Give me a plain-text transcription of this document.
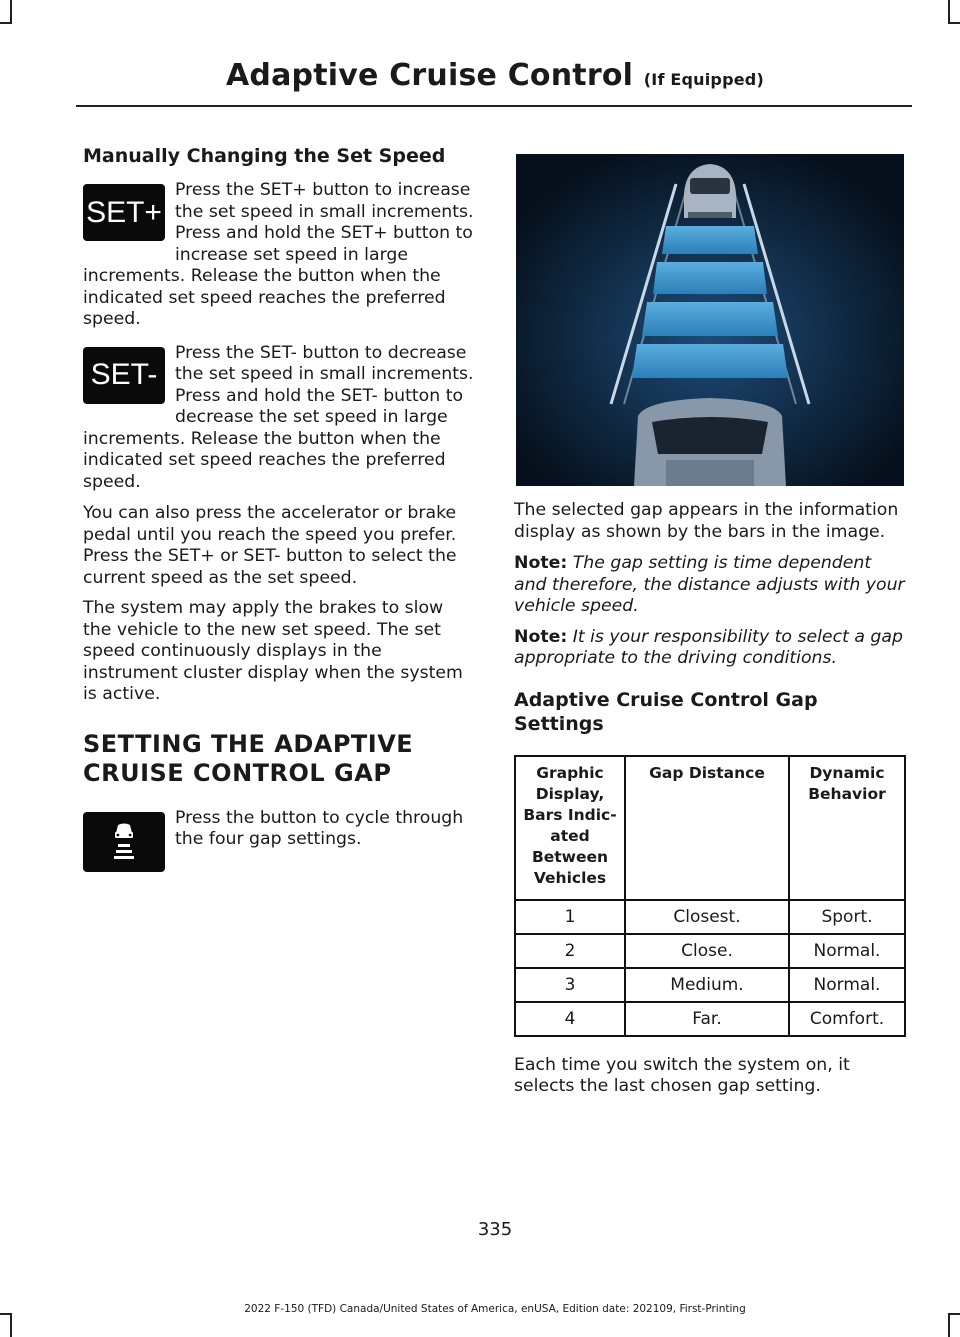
Adaptive Cruise Control (If Equipped)
Manually Changing the Set Speed
SET+

Press the SET+ button to increase the set speed in small increments. Press and hold the SET+ button to increase set speed in large increments. Release the button when the indicated set speed reaches the preferred speed.

SET-

Press the SET- button to decrease the set speed in small increments. Press and hold the SET- button to decrease the set speed in large increments. Release the button when the indicated set speed reaches the preferred speed.

You can also press the accelerator or brake pedal until you reach the speed you prefer. Press the SET+ or SET- button to select the current speed as the set speed.

The system may apply the brakes to slow the vehicle to the new set speed. The set speed continuously displays in the instrument cluster display when the system is active.

SETTING THE ADAPTIVE
CRUISE CONTROL GAP

Press the button to cycle through the four gap settings.

The selected gap appears in the information display as shown by the bars in the image.

Note: The gap setting is time dependent and therefore, the distance adjusts with your vehicle speed.

Note: It is your responsibility to select a gap appropriate to the driving conditions.

Adaptive Cruise Control Gap Settings
Graphic Display, Bars Indic-ated Between Vehicles	Gap Distance	Dynamic Behavior
1	Closest.	Sport.
2	Close.	Normal.
3	Medium.	Normal.
4	Far.	Comfort.

Each time you switch the system on, it selects the last chosen gap setting.

335
2022 F-150 (TFD) Canada/United States of America, enUSA, Edition date: 202109, First-Printing
